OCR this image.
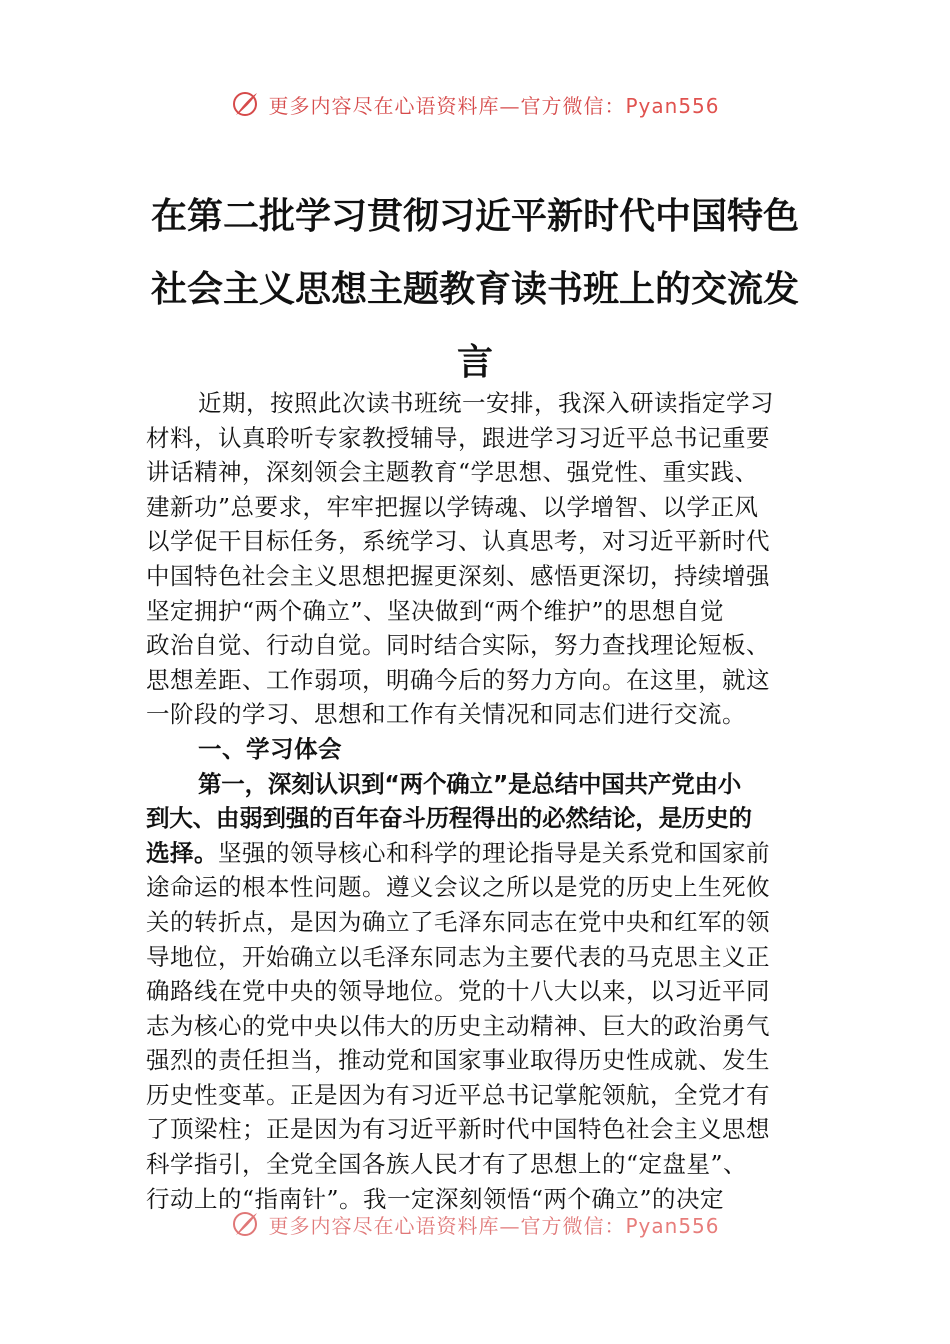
更多内容尽在心语资料库—官方微信：Pyan556
在第二批学习贯彻习近平新时代中国特色
社会主义思想主题教育读书班上的交流发
言
近期，按照此次读书班统一安排，我深入研读指定学习
材料，认真聆听专家教授辅导，跟进学习习近平总书记重要
讲话精神，深刻领会主题教育“学思想、强党性、重实践、
建新功”总要求，牢牢把握以学铸魂、以学增智、以学正风
以学促干目标任务，系统学习、认真思考，对习近平新时代
中国特色社会主义思想把握更深刻、感悟更深切，持续增强
坚定拥护“两个确立”、坚决做到“两个维护”的思想自觉
政治自觉、行动自觉。同时结合实际，努力查找理论短板、
思想差距、工作弱项，明确今后的努力方向。在这里，就这
一阶段的学习、思想和工作有关情况和同志们进行交流。
一、学习体会
第一，深刻认识到“两个确立”是总结中国共产党由小
到大、由弱到强的百年奋斗历程得出的必然结论，是历史的
选择。坚强的领导核心和科学的理论指导是关系党和国家前
途命运的根本性问题。遵义会议之所以是党的历史上生死攸
关的转折点，是因为确立了毛泽东同志在党中央和红军的领
导地位，开始确立以毛泽东同志为主要代表的马克思主义正
确路线在党中央的领导地位。党的十八大以来，以习近平同
志为核心的党中央以伟大的历史主动精神、巨大的政治勇气
强烈的责任担当，推动党和国家事业取得历史性成就、发生
历史性变革。正是因为有习近平总书记掌舵领航，全党才有
了顶梁柱；正是因为有习近平新时代中国特色社会主义思想
科学指引，全党全国各族人民才有了思想上的“定盘星”、
行动上的“指南针”。我一定深刻领悟“两个确立”的决定
更多内容尽在心语资料库—官方微信：Pyan556
